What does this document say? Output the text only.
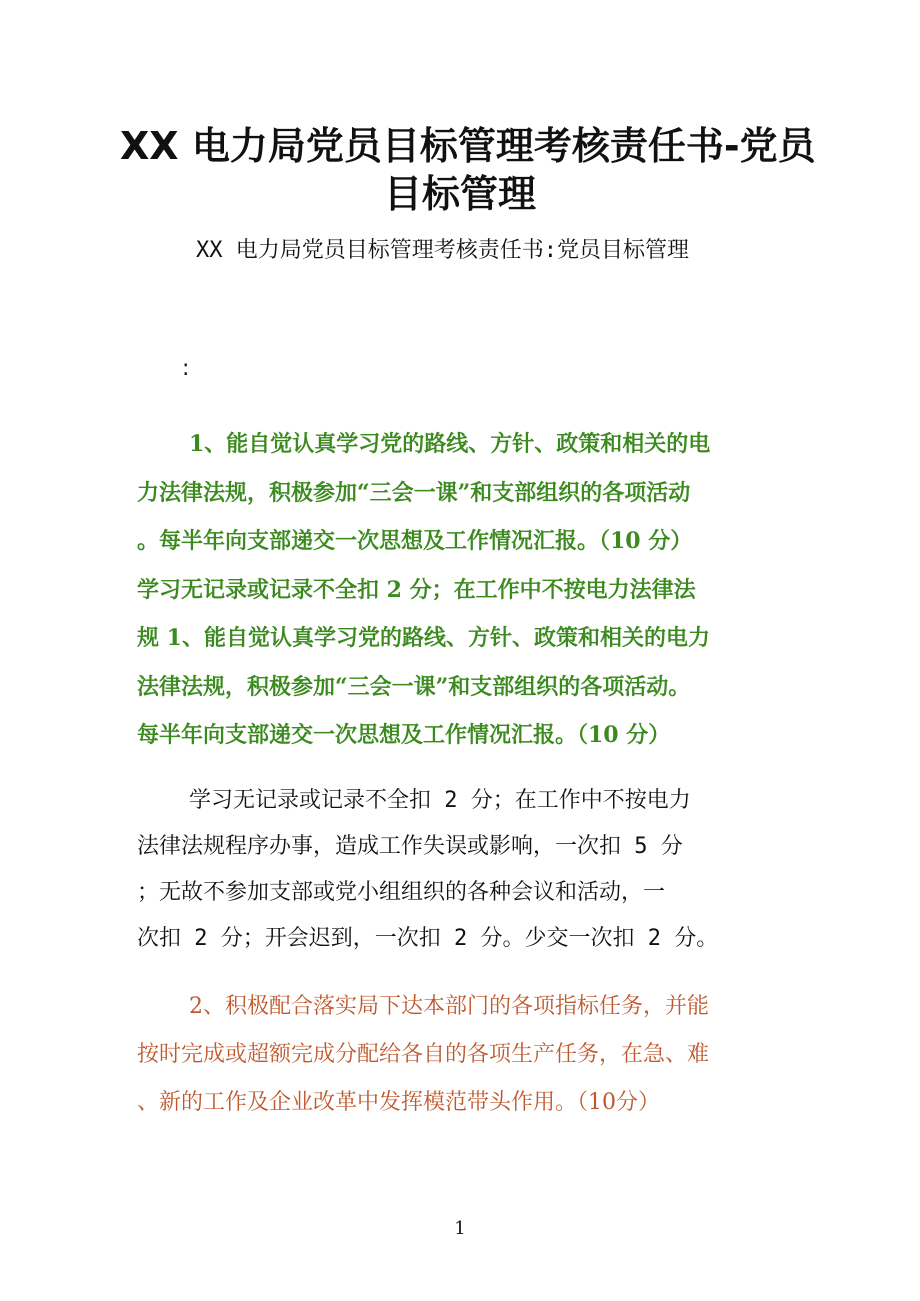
XX 电力局党员目标管理考核责任书-党员
目标管理
XX 电力局党员目标管理考核责任书:党员目标管理
:

1、能自觉认真学习党的路线、方针、政策和相关的电
力法律法规，积极参加“三会一课”和支部组织的各项活动
。每半年向支部递交一次思想及工作情况汇报。（10 分）
学习无记录或记录不全扣 2 分；在工作中不按电力法律法
规 1、能自觉认真学习党的路线、方针、政策和相关的电力
法律法规，积极参加“三会一课”和支部组织的各项活动。
每半年向支部递交一次思想及工作情况汇报。（10 分）

学习无记录或记录不全扣 2 分；在工作中不按电力
法律法规程序办事，造成工作失误或影响，一次扣 5 分
；无故不参加支部或党小组组织的各种会议和活动，一
次扣 2 分；开会迟到，一次扣 2 分。少交一次扣 2 分。

2、积极配合落实局下达本部门的各项指标任务，并能
按时完成或超额完成分配给各自的各项生产任务，在急、难
、新的工作及企业改革中发挥模范带头作用。（10分）

1
